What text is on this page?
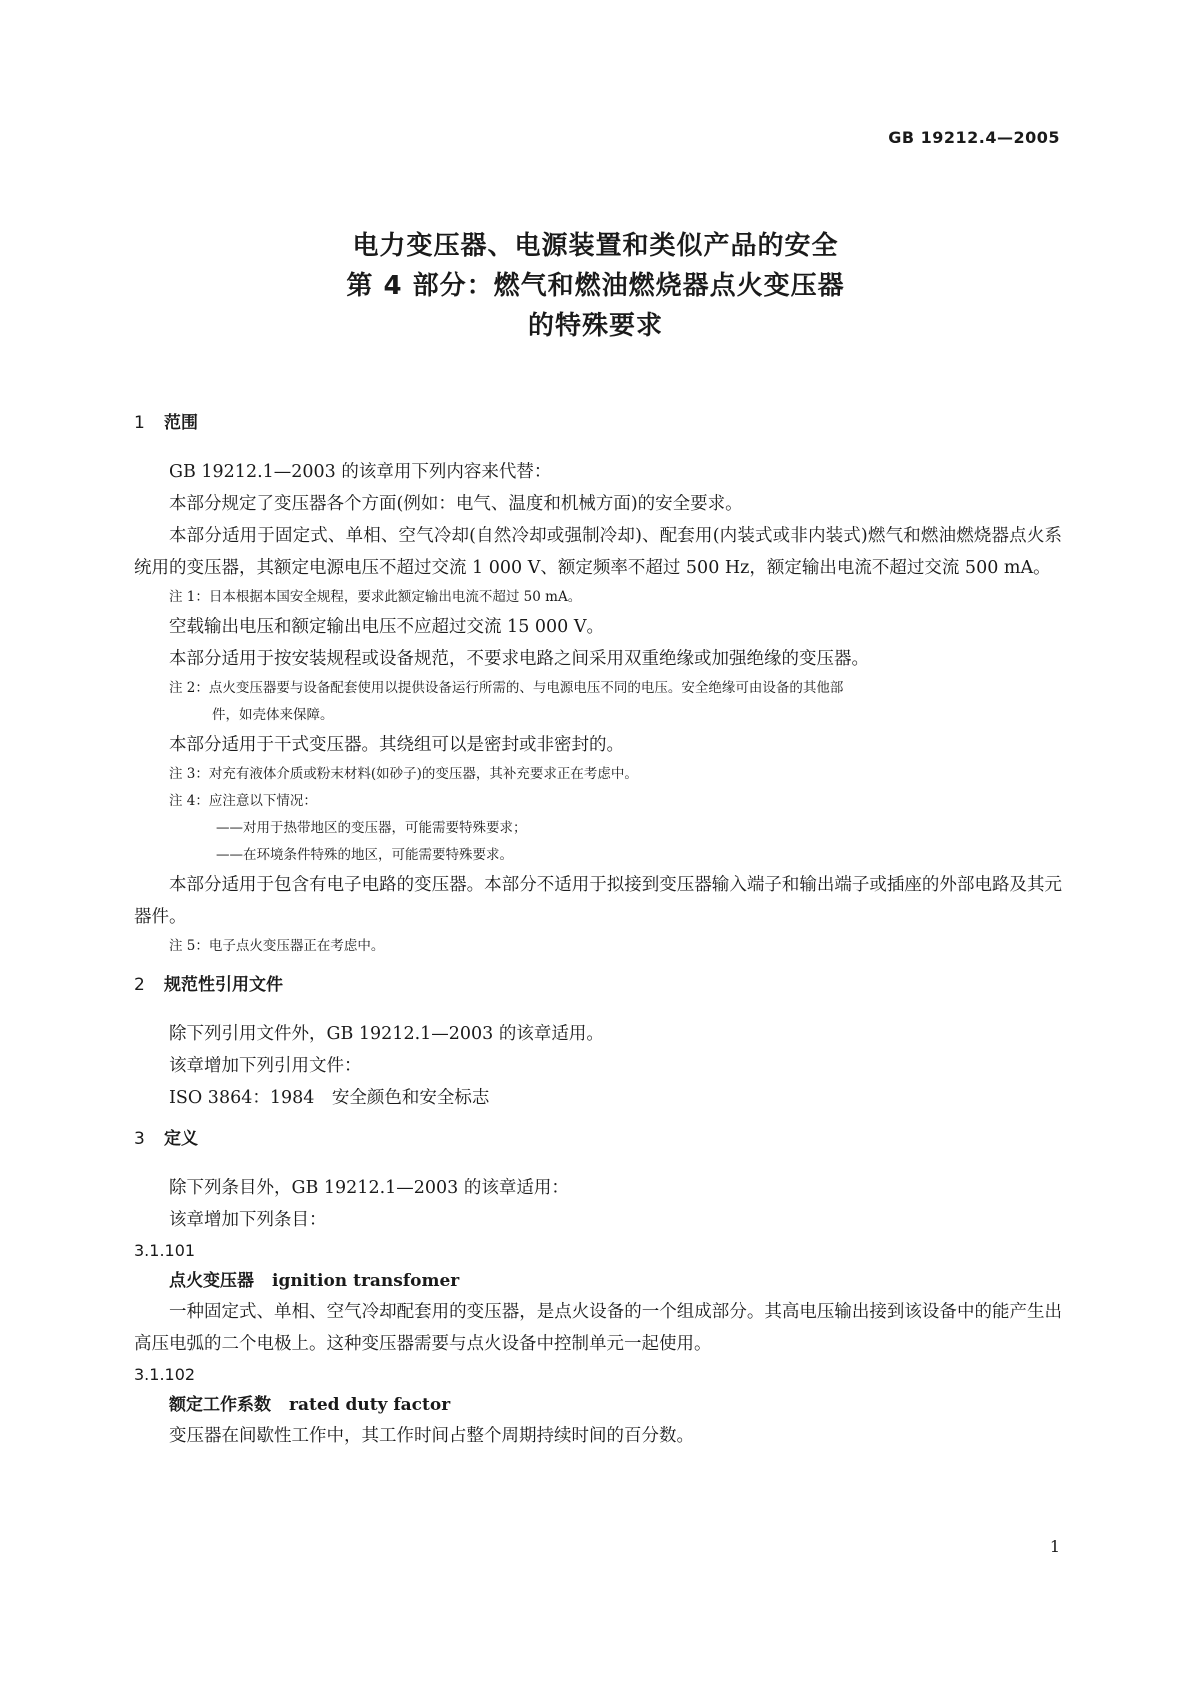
GB 19212.4—2005
电力变压器、电源装置和类似产品的安全
第 4 部分：燃气和燃油燃烧器点火变压器
的特殊要求
1 范围
GB 19212.1—2003 的该章用下列内容来代替：
本部分规定了变压器各个方面(例如：电气、温度和机械方面)的安全要求。
本部分适用于固定式、单相、空气冷却(自然冷却或强制冷却)、配套用(内装式或非内装式)燃气和燃油燃烧器点火系统用的变压器，其额定电源电压不超过交流 1 000 V、额定频率不超过 500 Hz，额定输出电流不超过交流 500 mA。
注 1：日本根据本国安全规程，要求此额定输出电流不超过 50 mA。
空载输出电压和额定输出电压不应超过交流 15 000 V。
本部分适用于按安装规程或设备规范，不要求电路之间采用双重绝缘或加强绝缘的变压器。
注 2：点火变压器要与设备配套使用以提供设备运行所需的、与电源电压不同的电压。安全绝缘可由设备的其他部
件，如壳体来保障。
本部分适用于干式变压器。其绕组可以是密封或非密封的。
注 3：对充有液体介质或粉末材料(如砂子)的变压器，其补充要求正在考虑中。
注 4：应注意以下情况：
——对用于热带地区的变压器，可能需要特殊要求；
——在环境条件特殊的地区，可能需要特殊要求。
本部分适用于包含有电子电路的变压器。本部分不适用于拟接到变压器输入端子和输出端子或插座的外部电路及其元器件。
注 5：电子点火变压器正在考虑中。
2 规范性引用文件
除下列引用文件外，GB 19212.1—2003 的该章适用。
该章增加下列引用文件：
ISO 3864：1984　安全颜色和安全标志
3 定义
除下列条目外，GB 19212.1—2003 的该章适用：
该章增加下列条目：
3.1.101
点火变压器 ignition transfomer
一种固定式、单相、空气冷却配套用的变压器，是点火设备的一个组成部分。其高电压输出接到该设备中的能产生出高压电弧的二个电极上。这种变压器需要与点火设备中控制单元一起使用。
3.1.102
额定工作系数 rated duty factor
变压器在间歇性工作中，其工作时间占整个周期持续时间的百分数。
1
